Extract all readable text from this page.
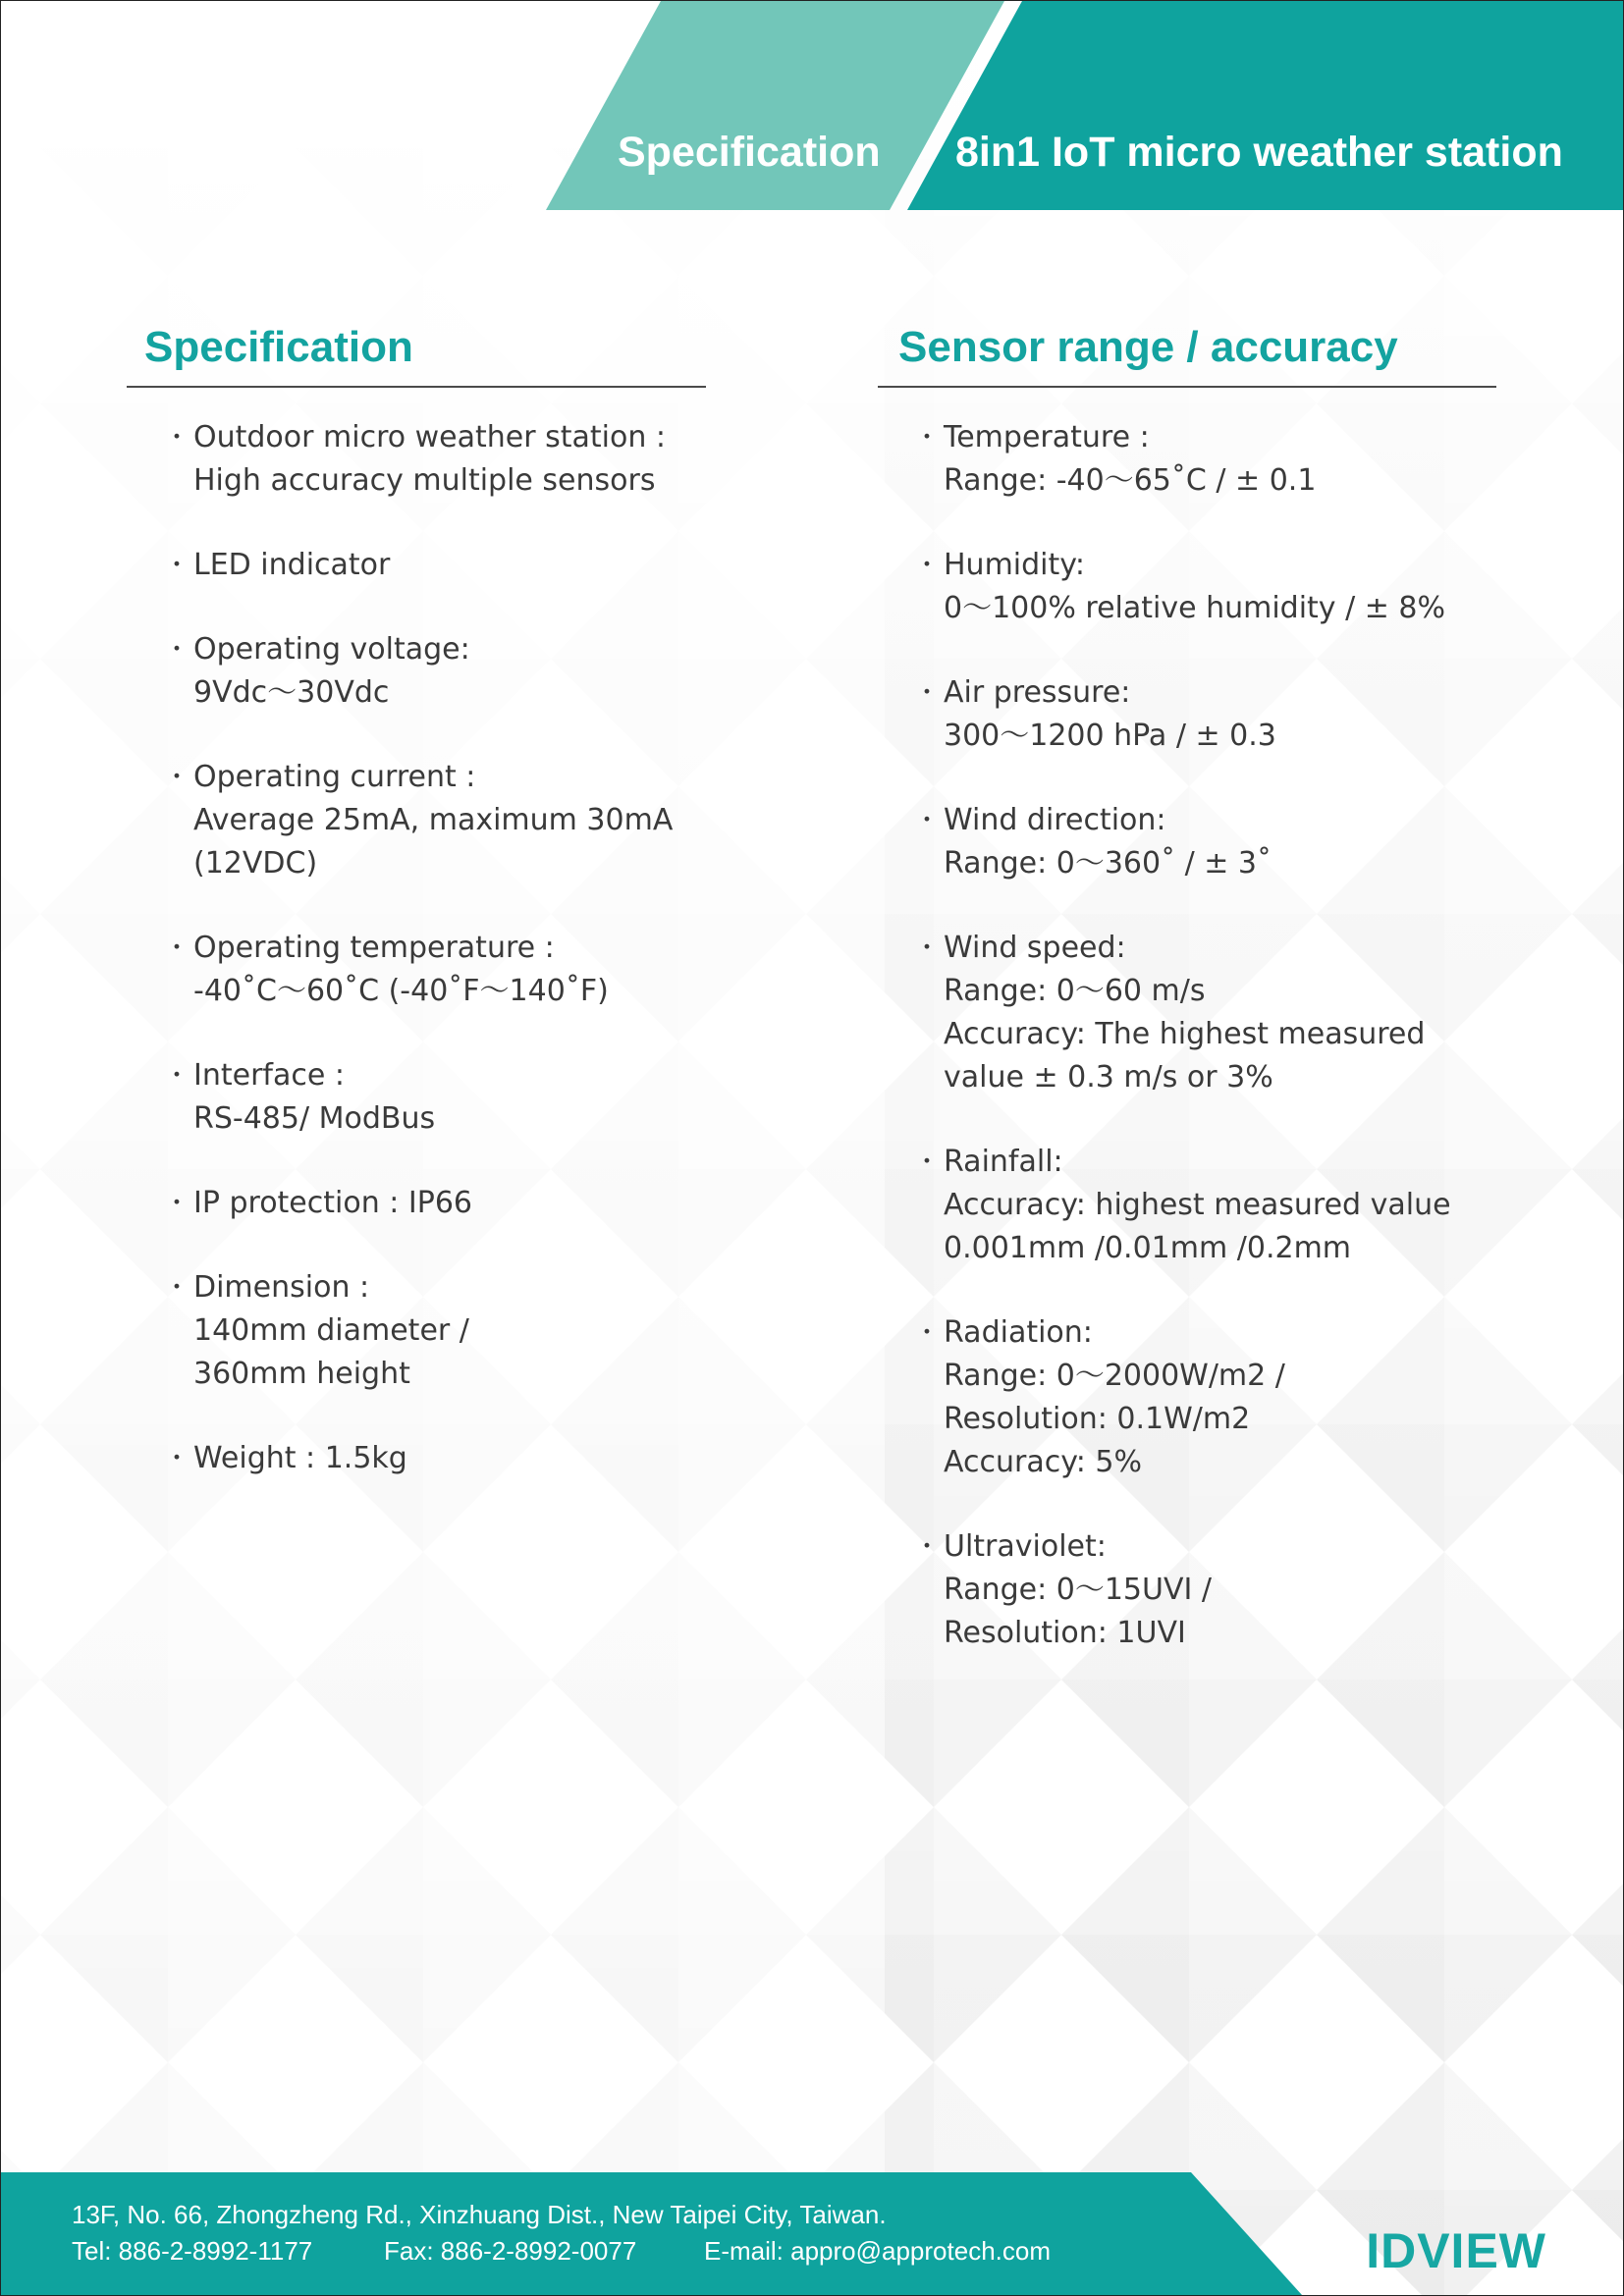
Specification 8in1 IoT micro weather station
Specification
・ Outdoor micro weather station :
High accuracy multiple sensors
・ LED indicator
・ Operating voltage:
9Vdc～30Vdc
・ Operating current :
Average 25mA, maximum 30mA
(12VDC)
・ Operating temperature :
-40˚C～60˚C (-40˚F～140˚F)
・ Interface :
RS-485/ ModBus
・ IP protection : IP66
・ Dimension :
140mm diameter /
360mm height
・ Weight : 1.5kg
Sensor range / accuracy
・ Temperature :
Range: -40～65˚C / ± 0.1
・ Humidity:
0～100% relative humidity / ± 8%
・ Air pressure:
300～1200 hPa / ± 0.3
・ Wind direction:
Range: 0～360˚ / ± 3˚
・ Wind speed:
Range: 0～60 m/s
Accuracy: The highest measured
value ± 0.3 m/s or 3%
・ Rainfall:
Accuracy: highest measured value
0.001mm /0.01mm /0.2mm
・ Radiation:
Range: 0～2000W/m2 /
Resolution: 0.1W/m2
Accuracy: 5%
・ Ultraviolet:
Range: 0～15UVI /
Resolution: 1UVI
13F, No. 66, Zhongzheng Rd., Xinzhuang Dist., New Taipei City, Taiwan.
Tel: 886-2-8992-1177	Fax: 886-2-8992-0077	E-mail: appro@approtech.com	IDVIEW
